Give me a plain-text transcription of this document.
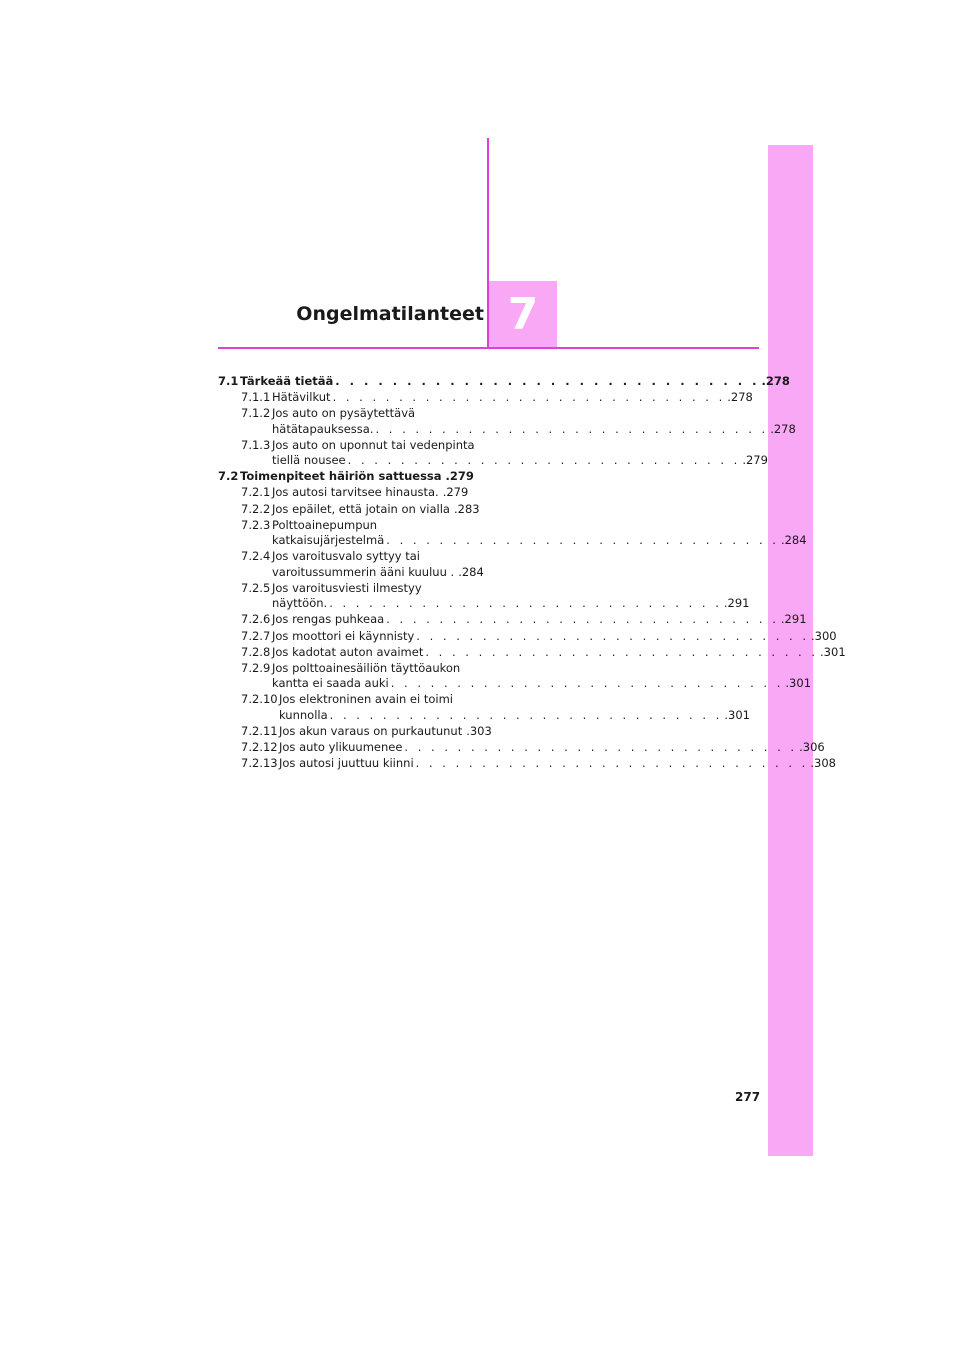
7
Ongelmatilanteet
7.1 Tärkeää tietää . . . . . . . . . . . . . . . . . . . . . . . . . . . . . . .278
7.1.1 Hätävilkut . . . . . . . . . . . . . . . . . . . . . . . . . . . . . . .278
7.1.2 Jos auto on pysäytettävä
hätätapauksessa. . . . . . . . . . . . . . . . . . . . . . . . . . . . . . . .278
7.1.3 Jos auto on uponnut tai vedenpinta
tiellä nousee . . . . . . . . . . . . . . . . . . . . . . . . . . . . . . .279
7.2 Toimenpiteet häiriön sattuessa .279
7.2.1 Jos autosi tarvitsee hinausta. .279
7.2.2 Jos epäilet, että jotain on vialla .283
7.2.3 Polttoainepumpun
katkaisujärjestelmä . . . . . . . . . . . . . . . . . . . . . . . . . . . . . . .284
7.2.4 Jos varoitusvalo syttyy tai
varoitussummerin ääni kuuluu . .284
7.2.5 Jos varoitusviesti ilmestyy
näyttöön. . . . . . . . . . . . . . . . . . . . . . . . . . . . . . . .291
7.2.6 Jos rengas puhkeaa . . . . . . . . . . . . . . . . . . . . . . . . . . . . . . .291
7.2.7 Jos moottori ei käynnisty . . . . . . . . . . . . . . . . . . . . . . . . . . . . . . .300
7.2.8 Jos kadotat auton avaimet . . . . . . . . . . . . . . . . . . . . . . . . . . . . . . .301
7.2.9 Jos polttoainesäiliön täyttöaukon
kantta ei saada auki . . . . . . . . . . . . . . . . . . . . . . . . . . . . . . .301
7.2.10 Jos elektroninen avain ei toimi
kunnolla . . . . . . . . . . . . . . . . . . . . . . . . . . . . . . .301
7.2.11 Jos akun varaus on purkautunut .303
7.2.12 Jos auto ylikuumenee . . . . . . . . . . . . . . . . . . . . . . . . . . . . . . .306
7.2.13 Jos autosi juuttuu kiinni . . . . . . . . . . . . . . . . . . . . . . . . . . . . . . .308
277
